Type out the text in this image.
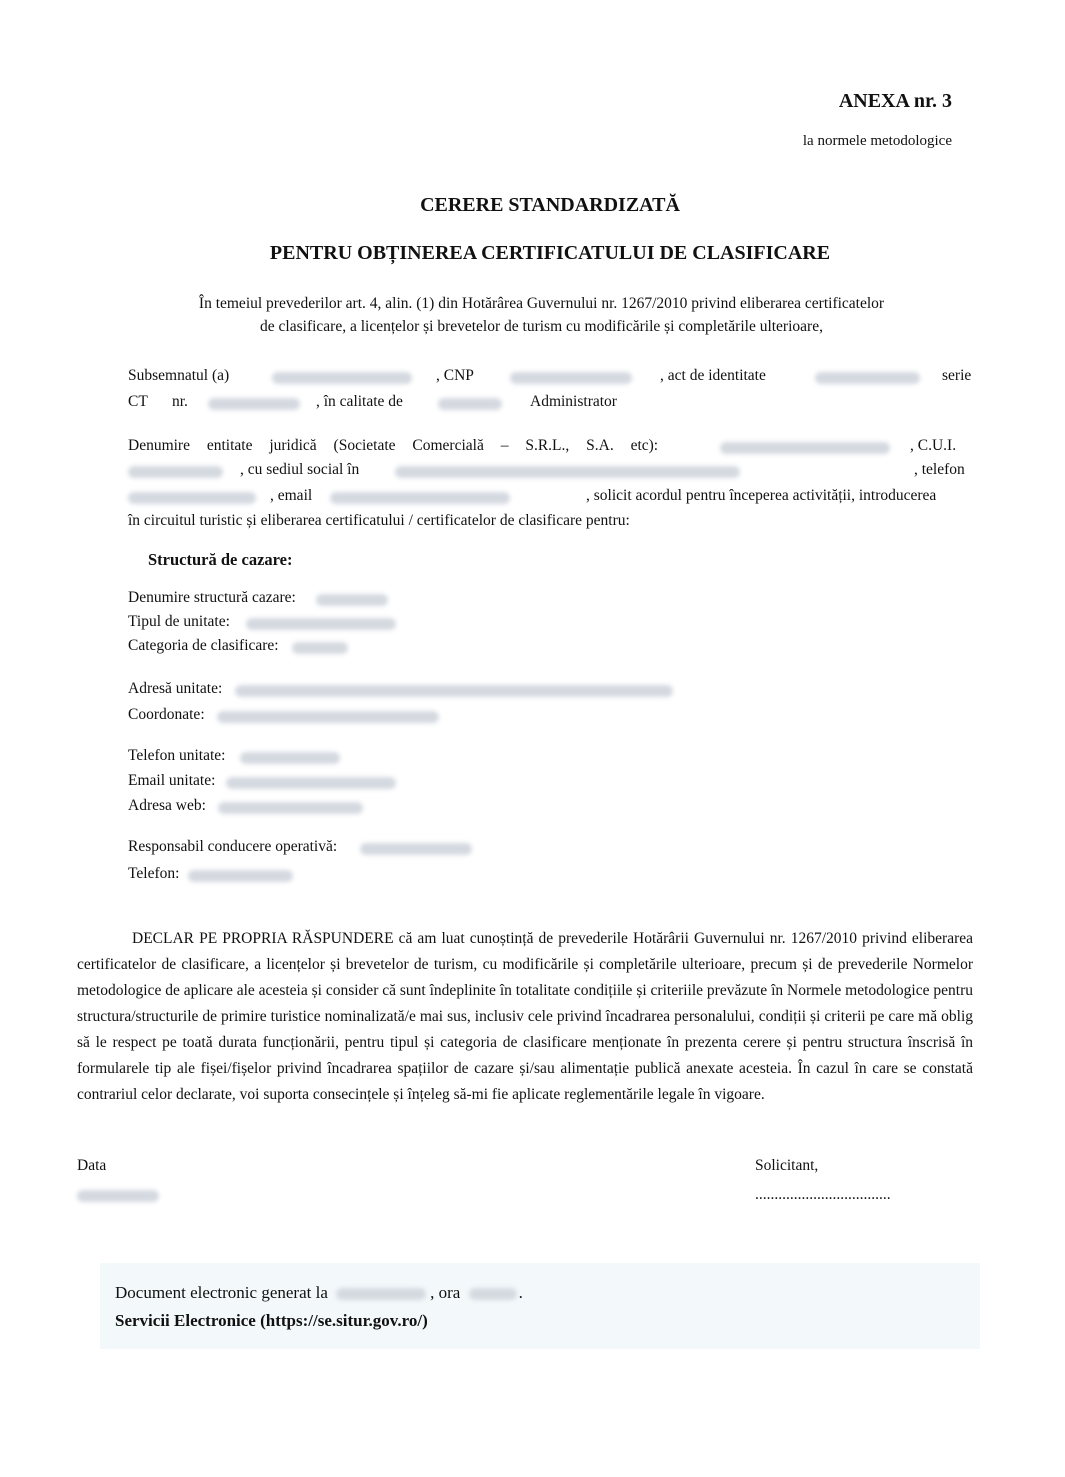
ANEXA nr. 3
la normele metodologice
CERERE STANDARDIZATĂ
PENTRU OBȚINEREA CERTIFICATULUI DE CLASIFICARE
În temeiul prevederilor art. 4, alin. (1) din Hotărârea Guvernului nr. 1267/2010 privind eliberarea certificatelor
de clasificare, a licențelor și brevetelor de turism cu modificările și completările ulterioare,
Subsemnatul (a)	, CNP	, act de identitate	serie
CT nr.	, în calitate de	Administrator
Denumire entitate juridică (Societate Comercială – S.R.L., S.A. etc):	, C.U.I.
, cu sediul social în	, telefon
, email	, solicit acordul pentru începerea activității, introducerea
în circuitul turistic și eliberarea certificatului / certificatelor de clasificare pentru:
Structură de cazare:
Denumire structură cazare:
Tipul de unitate:
Categoria de clasificare:
Adresă unitate:
Coordonate:
Telefon unitate:
Email unitate:
Adresa web:
Responsabil conducere operativă:
Telefon:
DECLAR PE PROPRIA RĂSPUNDERE că am luat cunoștință de prevederile Hotărârii Guvernului nr. 1267/2010 privind eliberarea certificatelor de clasificare, a licențelor și brevetelor de turism, cu modificările și completările ulterioare, precum și de prevederile Normelor metodologice de aplicare ale acesteia și consider că sunt îndeplinite în totalitate condițiile și criteriile prevăzute în Normele metodologice pentru structura/structurile de primire turistice nominalizată/e mai sus, inclusiv cele privind încadrarea personalului, condiții și criterii pe care mă oblig să le respect pe toată durata funcționării, pentru tipul și categoria de clasificare menționate în prezenta cerere și pentru structura înscrisă în formularele tip ale fișei/fișelor privind încadrarea spațiilor de cazare și/sau alimentație publică anexate acesteia. În cazul în care se constată contrariul celor declarate, voi suporta consecințele și înțeleg să-mi fie aplicate reglementările legale în vigoare.
Data	Solicitant,
...................................
Document electronic generat la	, ora	.
Servicii Electronice (https://se.situr.gov.ro/)
